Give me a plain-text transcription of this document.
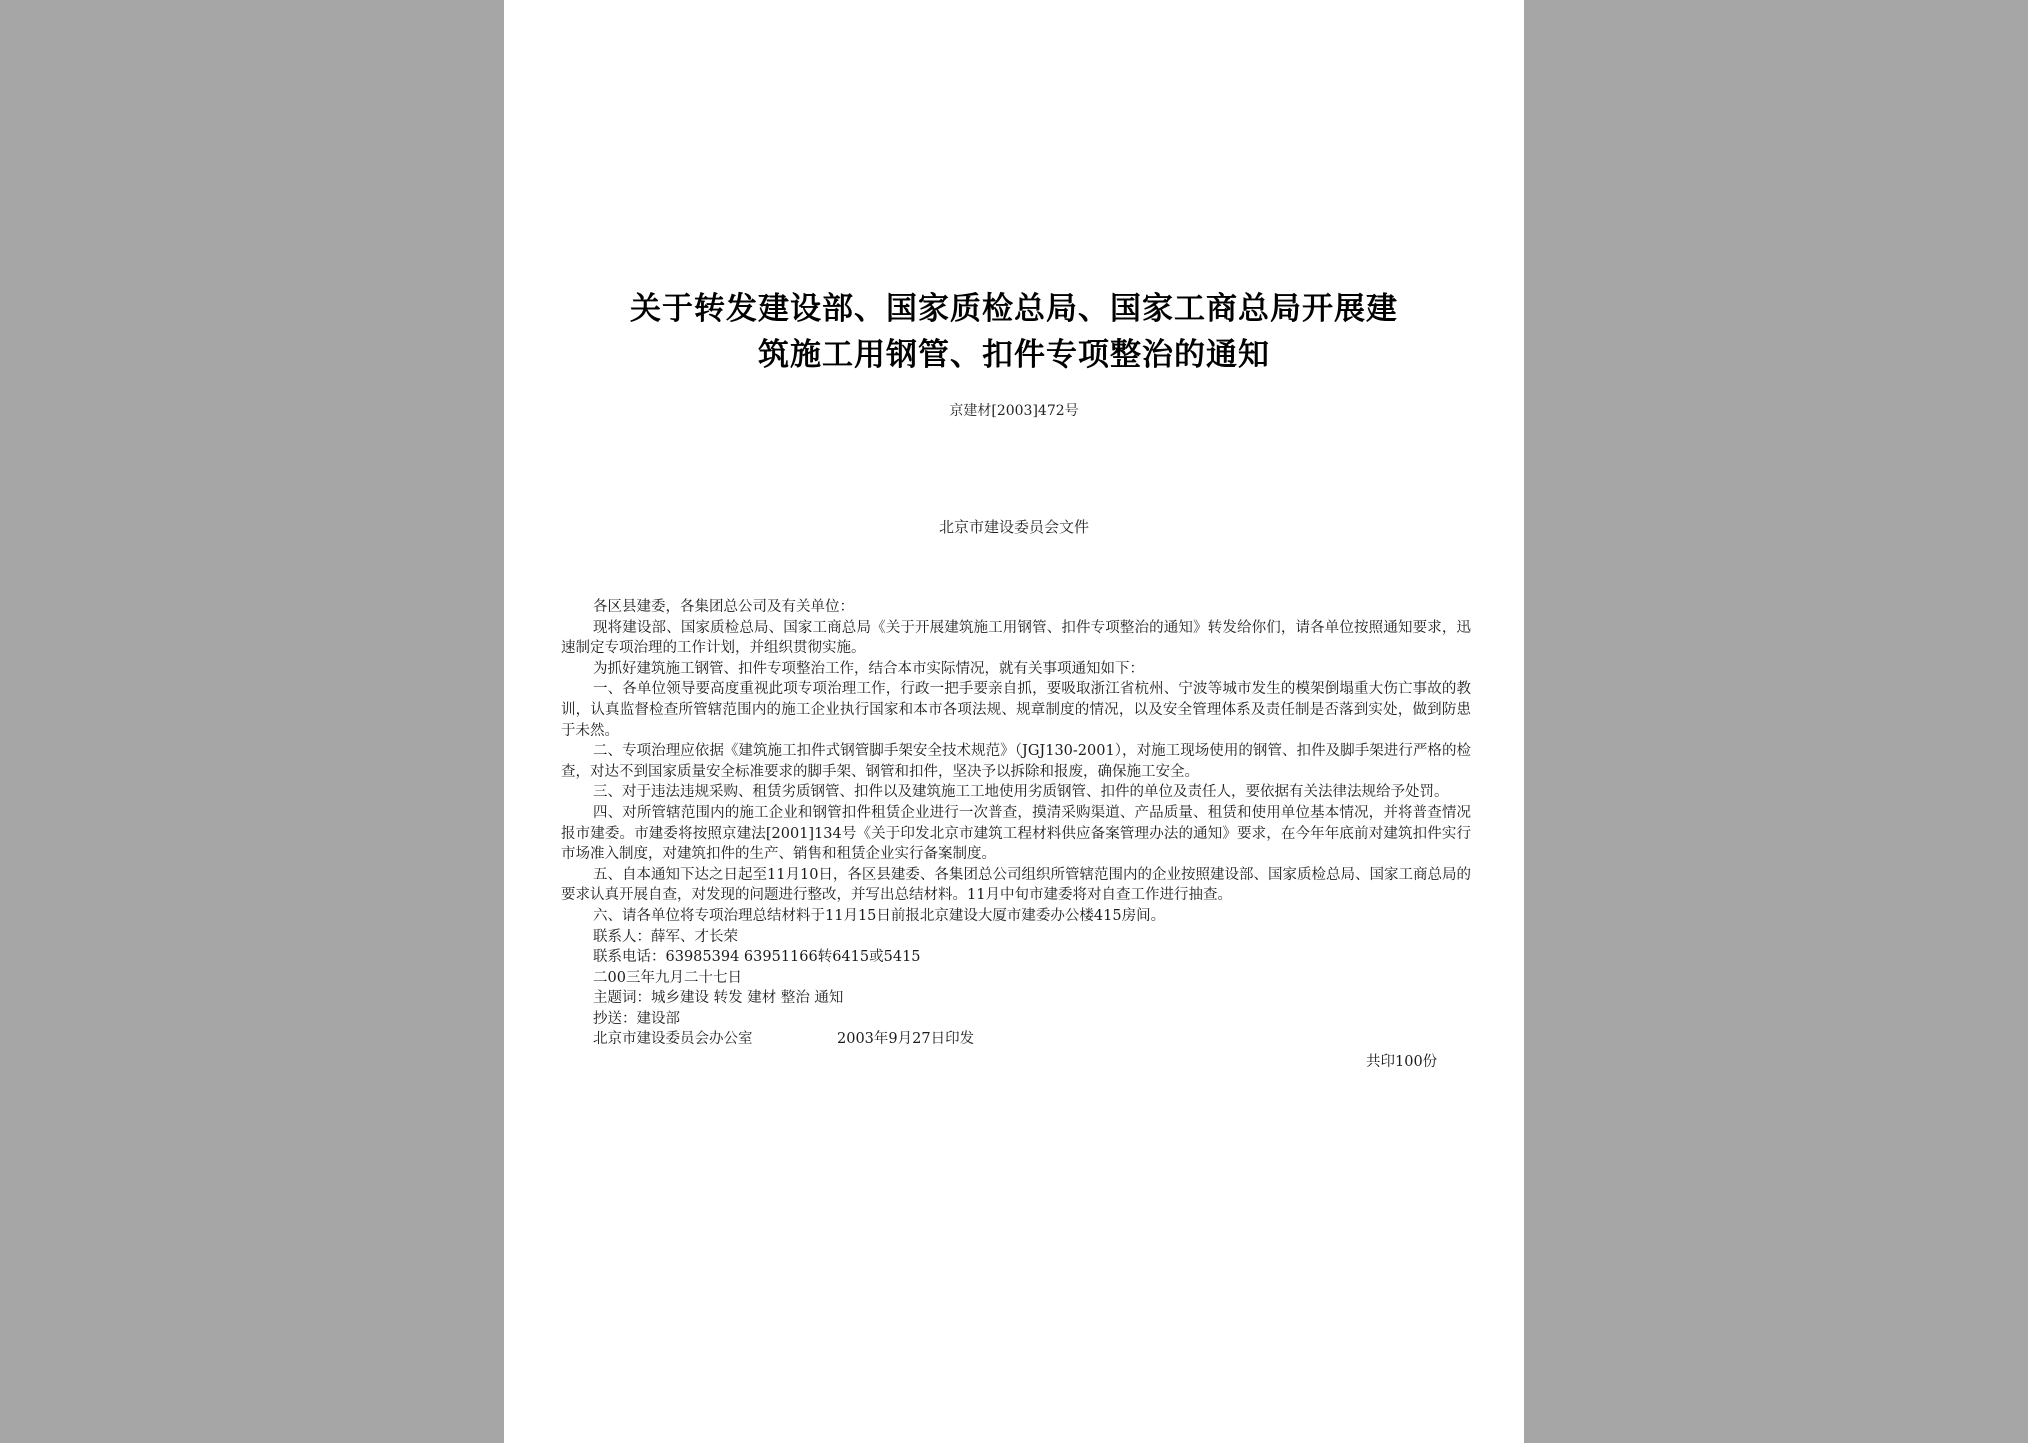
关于转发建设部、国家质检总局、国家工商总局开展建
筑施工用钢管、扣件专项整治的通知
京建材[2003]472号
北京市建设委员会文件

各区县建委，各集团总公司及有关单位：

现将建设部、国家质检总局、国家工商总局《关于开展建筑施工用钢管、扣件专项整治的通知》转发给你们，请各单位按照通知要求，迅速制定专项治理的工作计划，并组织贯彻实施。

为抓好建筑施工钢管、扣件专项整治工作，结合本市实际情况，就有关事项通知如下：

一、各单位领导要高度重视此项专项治理工作，行政一把手要亲自抓，要吸取浙江省杭州、宁波等城市发生的模架倒塌重大伤亡事故的教训，认真监督检查所管辖范围内的施工企业执行国家和本市各项法规、规章制度的情况，以及安全管理体系及责任制是否落到实处，做到防患于未然。

二、专项治理应依据《建筑施工扣件式钢管脚手架安全技术规范》（JGJ130-2001），对施工现场使用的钢管、扣件及脚手架进行严格的检查，对达不到国家质量安全标准要求的脚手架、钢管和扣件，坚决予以拆除和报废，确保施工安全。

三、对于违法违规采购、租赁劣质钢管、扣件以及建筑施工工地使用劣质钢管、扣件的单位及责任人，要依据有关法律法规给予处罚。

四、对所管辖范围内的施工企业和钢管扣件租赁企业进行一次普查，摸清采购渠道、产品质量、租赁和使用单位基本情况，并将普查情况报市建委。市建委将按照京建法[2001]134号《关于印发北京市建筑工程材料供应备案管理办法的通知》要求，在今年年底前对建筑扣件实行市场准入制度，对建筑扣件的生产、销售和租赁企业实行备案制度。

五、自本通知下达之日起至11月10日，各区县建委、各集团总公司组织所管辖范围内的企业按照建设部、国家质检总局、国家工商总局的要求认真开展自查，对发现的问题进行整改，并写出总结材料。11月中旬市建委将对自查工作进行抽查。

六、请各单位将专项治理总结材料于11月15日前报北京建设大厦市建委办公楼415房间。

联系人：薛军、才长荣

联系电话：63985394 63951166转6415或5415

二00三年九月二十七日

主题词：城乡建设 转发 建材 整治 通知

抄送：建设部

北京市建设委员会办公室	2003年9月27日印发

共印100份
